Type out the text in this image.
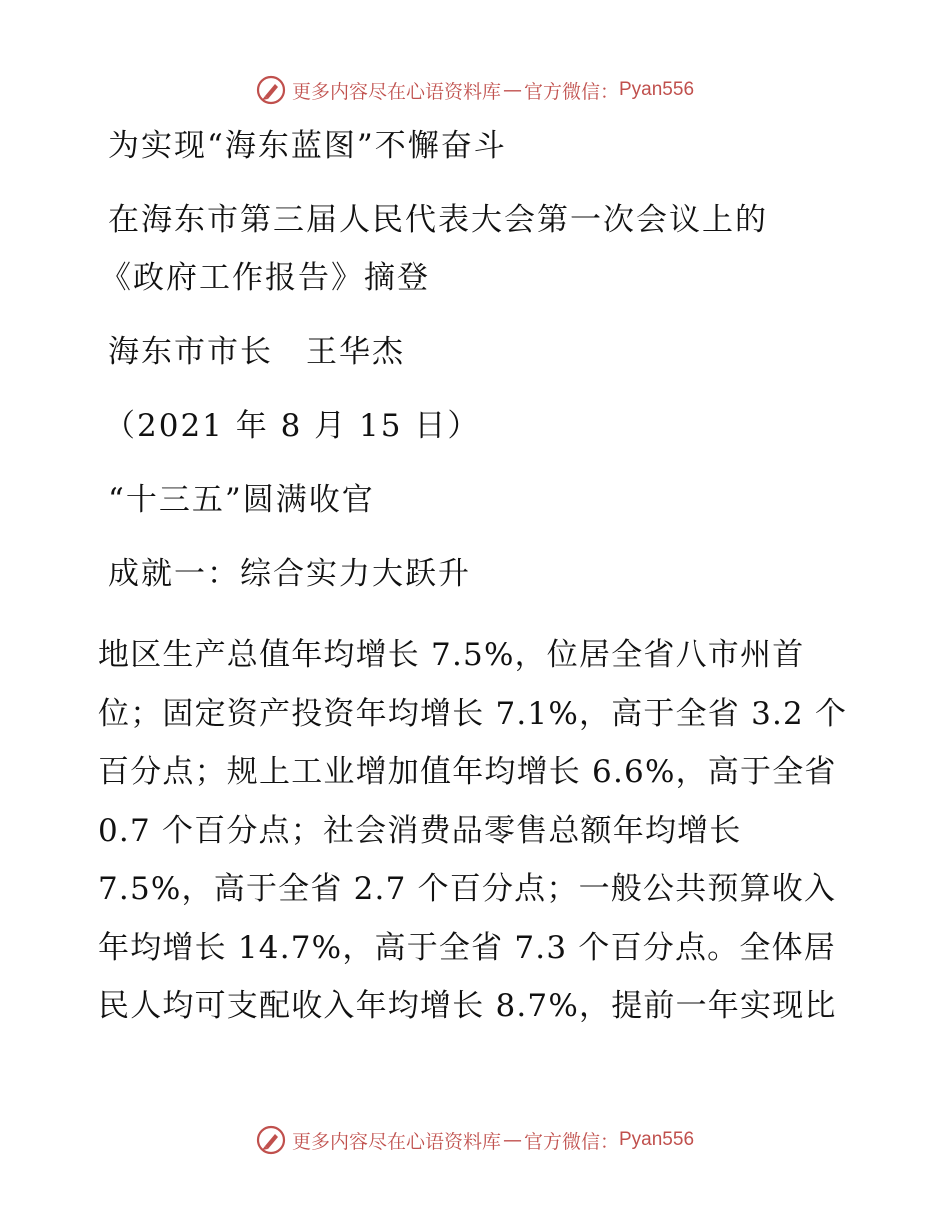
更多内容尽在心语资料库 — 官方微信： Pyan556
为实现“海东蓝图”不懈奋斗
在海东市第三届人民代表大会第一次会议上的
《政府工作报告》摘登
海东市市长　王华杰
（2021 年 8 月 15 日）
“十三五”圆满收官
成就一：综合实力大跃升
地区生产总值年均增长 7.5%，位居全省八市州首
位；固定资产投资年均增长 7.1%，高于全省 3.2 个
百分点；规上工业增加值年均增长 6.6%，高于全省
0.7 个百分点；社会消费品零售总额年均增长
7.5%，高于全省 2.7 个百分点；一般公共预算收入
年均增长 14.7%，高于全省 7.3 个百分点。全体居
民人均可支配收入年均增长 8.7%，提前一年实现比
更多内容尽在心语资料库 — 官方微信： Pyan556
